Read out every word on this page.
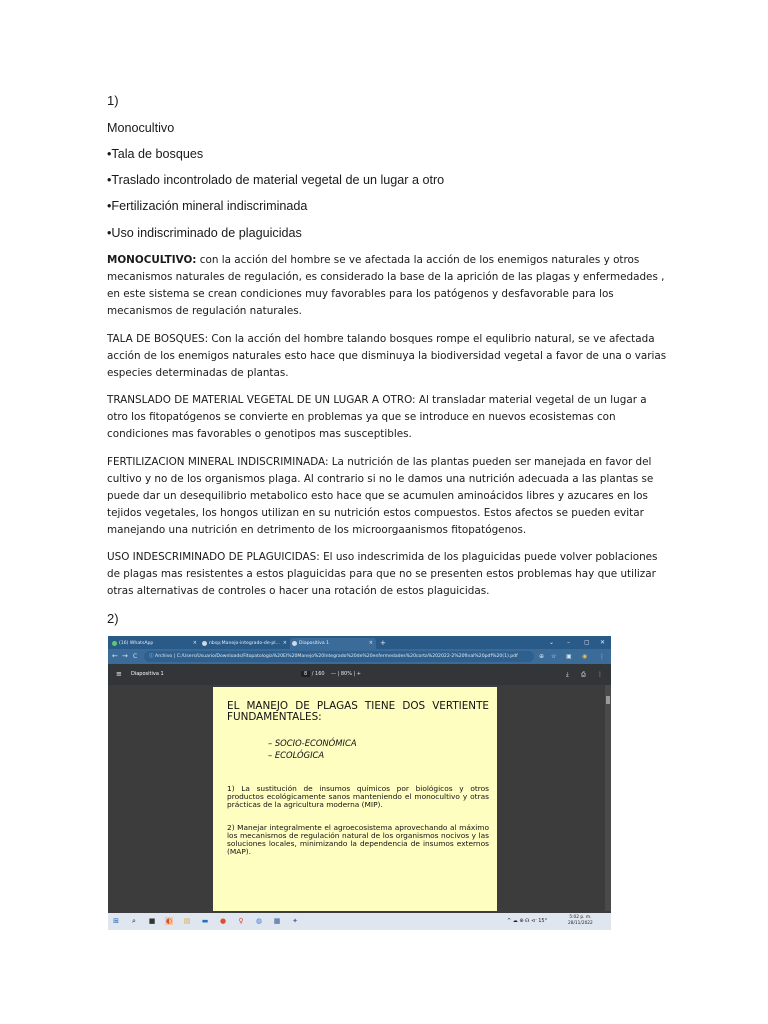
1)
Monocultivo
•Tala de bosques
•Traslado incontrolado de material vegetal de un lugar a otro
•Fertilización mineral indiscriminada
•Uso indiscriminado de plaguicidas
MONOCULTIVO: con la acción del hombre se ve afectada la acción de los enemigos naturales y otros mecanismos naturales de regulación, es considerado la base de la aprición de las plagas y enfermedades , en este sistema se crean condiciones muy favorables para los patógenos y desfavorable para los mecanismos de regulación naturales.
TALA DE BOSQUES: Con la acción del hombre talando bosques rompe el equlibrio natural, se ve afectada acción de los enemigos naturales esto hace que disminuya la biodiversidad vegetal a favor de una o varias especies determinadas de plantas.
TRANSLADO DE MATERIAL VEGETAL DE UN LUGAR A OTRO: Al transladar material vegetal de un lugar a otro los fitopatógenos se convierte en problemas ya que se introduce en nuevos ecosistemas con condiciones mas favorables o genotipos mas susceptibles.
FERTILIZACION MINERAL INDISCRIMINADA: La nutrición de las plantas pueden ser manejada en favor del cultivo y no de los organismos plaga. Al contrario si no le damos una nutrición adecuada a las plantas se puede dar un desequilibrio metabolico esto hace que se acumulen aminoácidos libres y azucares en los tejidos vegetales, los hongos utilizan en su nutrición estos compuestos. Estos afectos se pueden evitar manejando una nutrición en detrimento de los microorgaanismos fitopatógenos.
USO INDESCRIMINADO DE PLAGUICIDAS: El uso indescrimida de los plaguicidas puede volver poblaciones de plagas mas resistentes a estos plaguicidas para que no se presenten estos problemas hay que utilizar otras alternativas de controles o hacer una rotación de estos plaguicidas.
2)
(16) WhatsApp	×	nbsp;Manejo-integrado-de-pl... ×	Diapositiva 1	× +	⌄ – ▢ ✕
← → C	ⓘ Archivo | C:/Users/Usuario/Downloads/Fitopatologia%20El%20Manejo%20Integrado%20de%20enfermedades%20corta%202022-2%20final%20pdf%20(1).pdf	⊕ ☆ ▣ ◉ ⋮
≡ Diapositiva 1	8 / 160 — | 80% | +	⤓ ⎙ ⋮
EL MANEJO DE PLAGAS TIENE DOS VERTIENTE FUNDAMENTALES:
– SOCIO-ECONÓMICA
– ECOLÓGICA
1) La sustitución de insumos químicos por biológicos y otros productos ecológicamente sanos manteniendo el monocultivo y otras prácticas de la agricultura moderna (MIP).
2) Manejar integralmente el agroecosistema aprovechando al máximo los mecanismos de regulación natural de los organismos nocivos y las soluciones locales, minimizando la dependencia de insumos externos (MAP).
⊞ ⌕ ■ ◐ ▤ ▬ ● ♀ ◍ ▦ ✦	^ ☁ ⊕ ☊ ⊲ᐧ 15°
5:02 p. m.
28/11/2022
